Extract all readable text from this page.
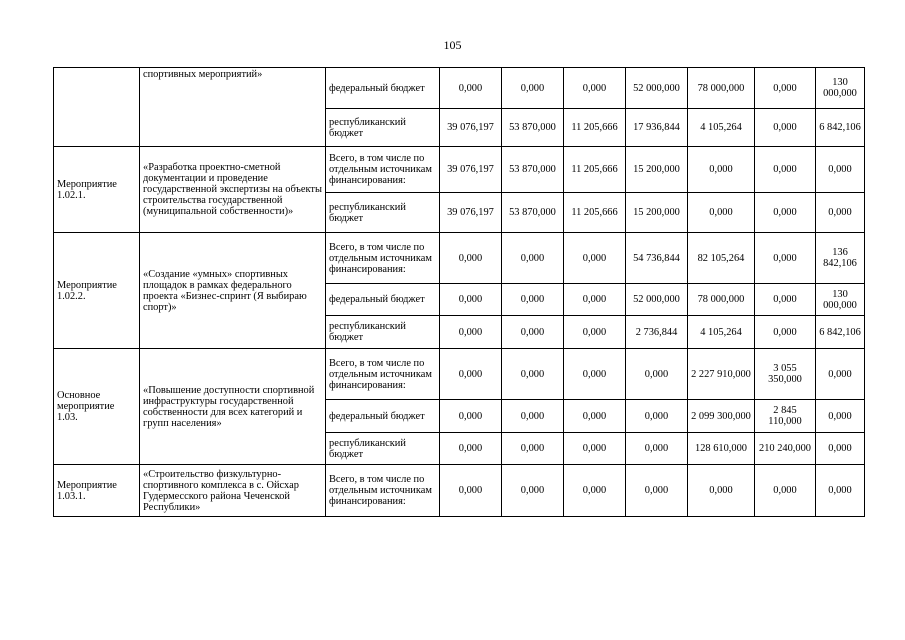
105
	спортивных мероприятий»	федеральный бюджет	0,000	0,000	0,000	52 000,000	78 000,000	0,000	130 000,000
		республиканский бюджет	39 076,197	53 870,000	11 205,666	17 936,844	4 105,264	0,000	6 842,106
Мероприятие 1.02.1.	«Разработка проектно-сметной документации и проведение государственной экспертизы на объекты строительства государственной (муниципальной собственности)»	Всего, в том числе по отдельным источникам финансирования:	39 076,197	53 870,000	11 205,666	15 200,000	0,000	0,000	0,000
		республиканский бюджет	39 076,197	53 870,000	11 205,666	15 200,000	0,000	0,000	0,000
Мероприятие 1.02.2.	«Создание «умных» спортивных площадок в рамках федерального проекта «Бизнес-спринт (Я выбираю спорт)»	Всего, в том числе по отдельным источникам финансирования:	0,000	0,000	0,000	54 736,844	82 105,264	0,000	136 842,106
		федеральный бюджет	0,000	0,000	0,000	52 000,000	78 000,000	0,000	130 000,000
		республиканский бюджет	0,000	0,000	0,000	2 736,844	4 105,264	0,000	6 842,106
Основное мероприятие 1.03.	«Повышение доступности спортивной инфраструктуры государственной собственности для всех категорий и групп населения»	Всего, в том числе по отдельным источникам финансирования:	0,000	0,000	0,000	0,000	2 227 910,000	3 055 350,000	0,000
		федеральный бюджет	0,000	0,000	0,000	0,000	2 099 300,000	2 845 110,000	0,000
		республиканский бюджет	0,000	0,000	0,000	0,000	128 610,000	210 240,000	0,000
Мероприятие 1.03.1.	«Строительство физкультурно-спортивного комплекса в с. Ойсхар Гудермесского района Чеченской Республики»	Всего, в том числе по отдельным источникам финансирования:	0,000	0,000	0,000	0,000	0,000	0,000	0,000
